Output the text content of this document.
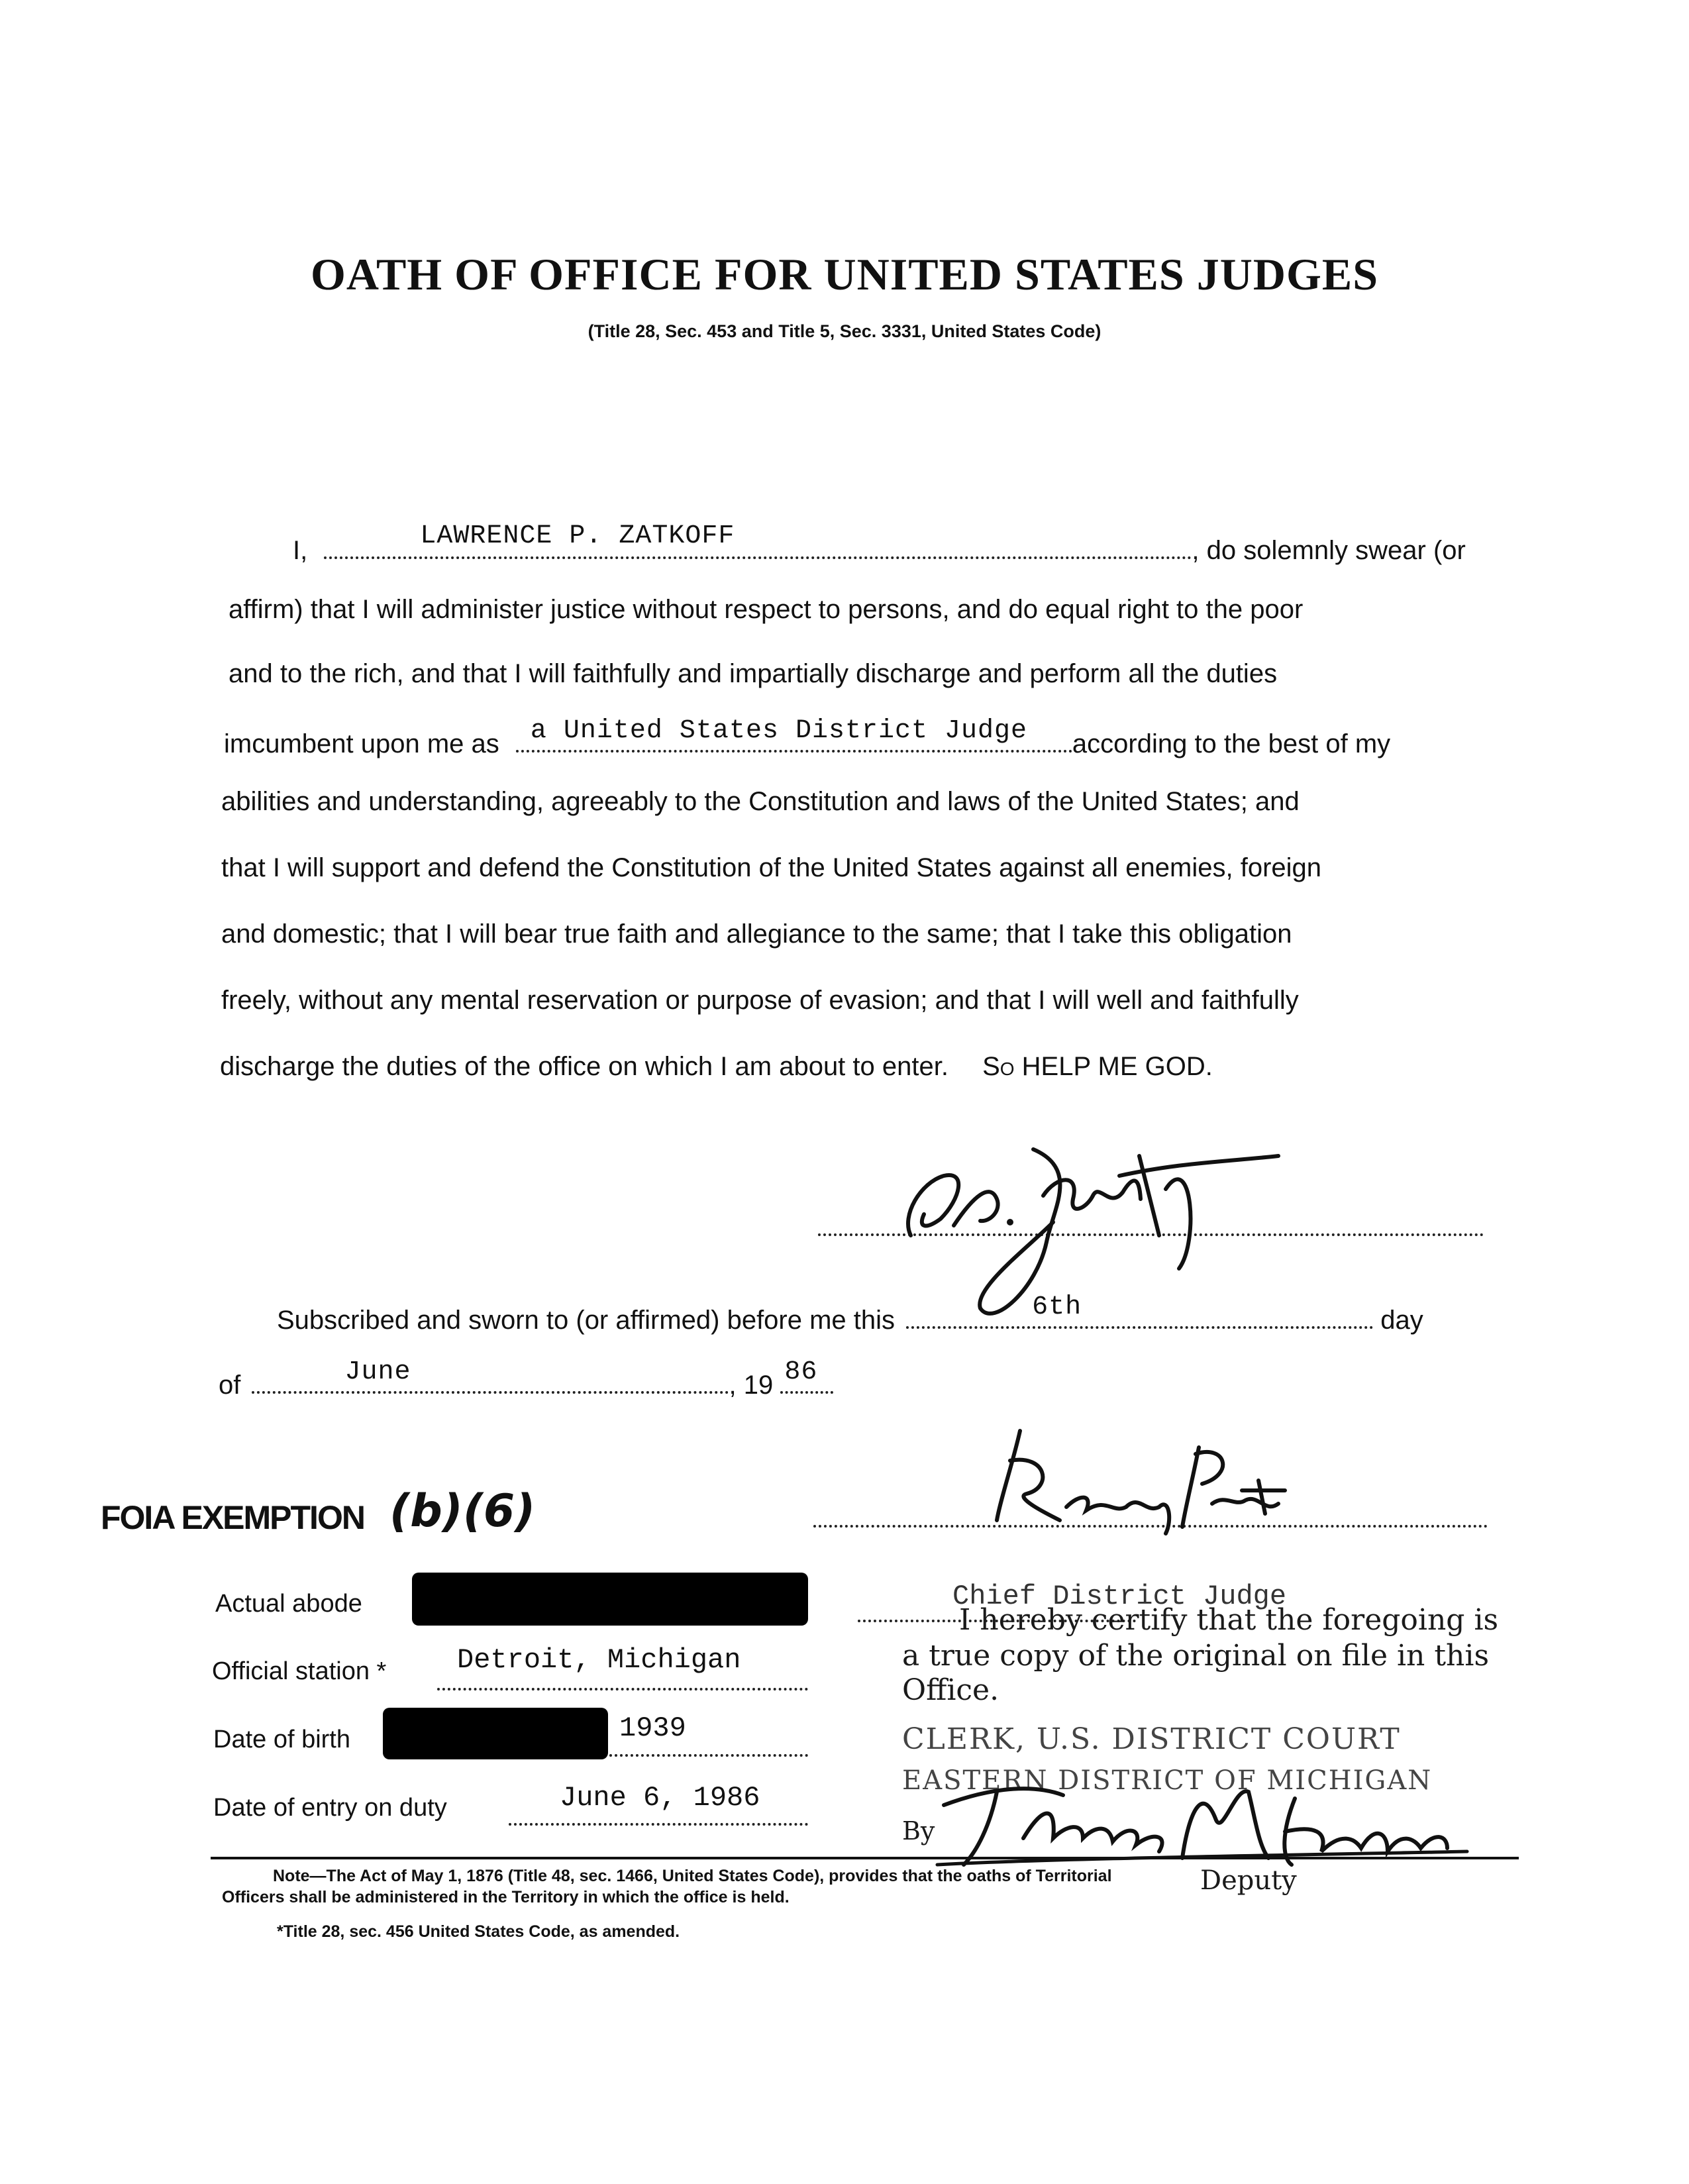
OATH OF OFFICE FOR UNITED STATES JUDGES
(Title 28, Sec. 453 and Title 5, Sec. 3331, United States Code)
I,	LAWRENCE P. ZATKOFF	, do solemnly swear (or
affirm) that I will administer justice without respect to persons, and do equal right to the poor
and to the rich, and that I will faithfully and impartially discharge and perform all the duties
imcumbent upon me as a United States District Judge according to the best of my
abilities and understanding, agreeably to the Constitution and laws of the United States; and
that I will support and defend the Constitution of the United States against all enemies, foreign
and domestic; that I will bear true faith and allegiance to the same; that I take this obligation
freely, without any mental reservation or purpose of evasion; and that I will well and faithfully
discharge the duties of the office on which I am about to enter. So HELP ME GOD.
Subscribed and sworn to (or affirmed) before me this	6th	day
of	June	, 19 86
FOIA EXEMPTION (b)(6)
Actual abode
Official station *	Detroit, Michigan
Date of birth	1939
Date of entry on duty	June 6, 1986
Chief District Judge
I hereby certify that the foregoing is
a true copy of the original on file in this
Office.
CLERK, U.S. DISTRICT COURT
EASTERN DISTRICT OF MICHIGAN
By
Deputy
Note—The Act of May 1, 1876 (Title 48, sec. 1466, United States Code), provides that the oaths of Territorial
Officers shall be administered in the Territory in which the office is held.
*Title 28, sec. 456 United States Code, as amended.
